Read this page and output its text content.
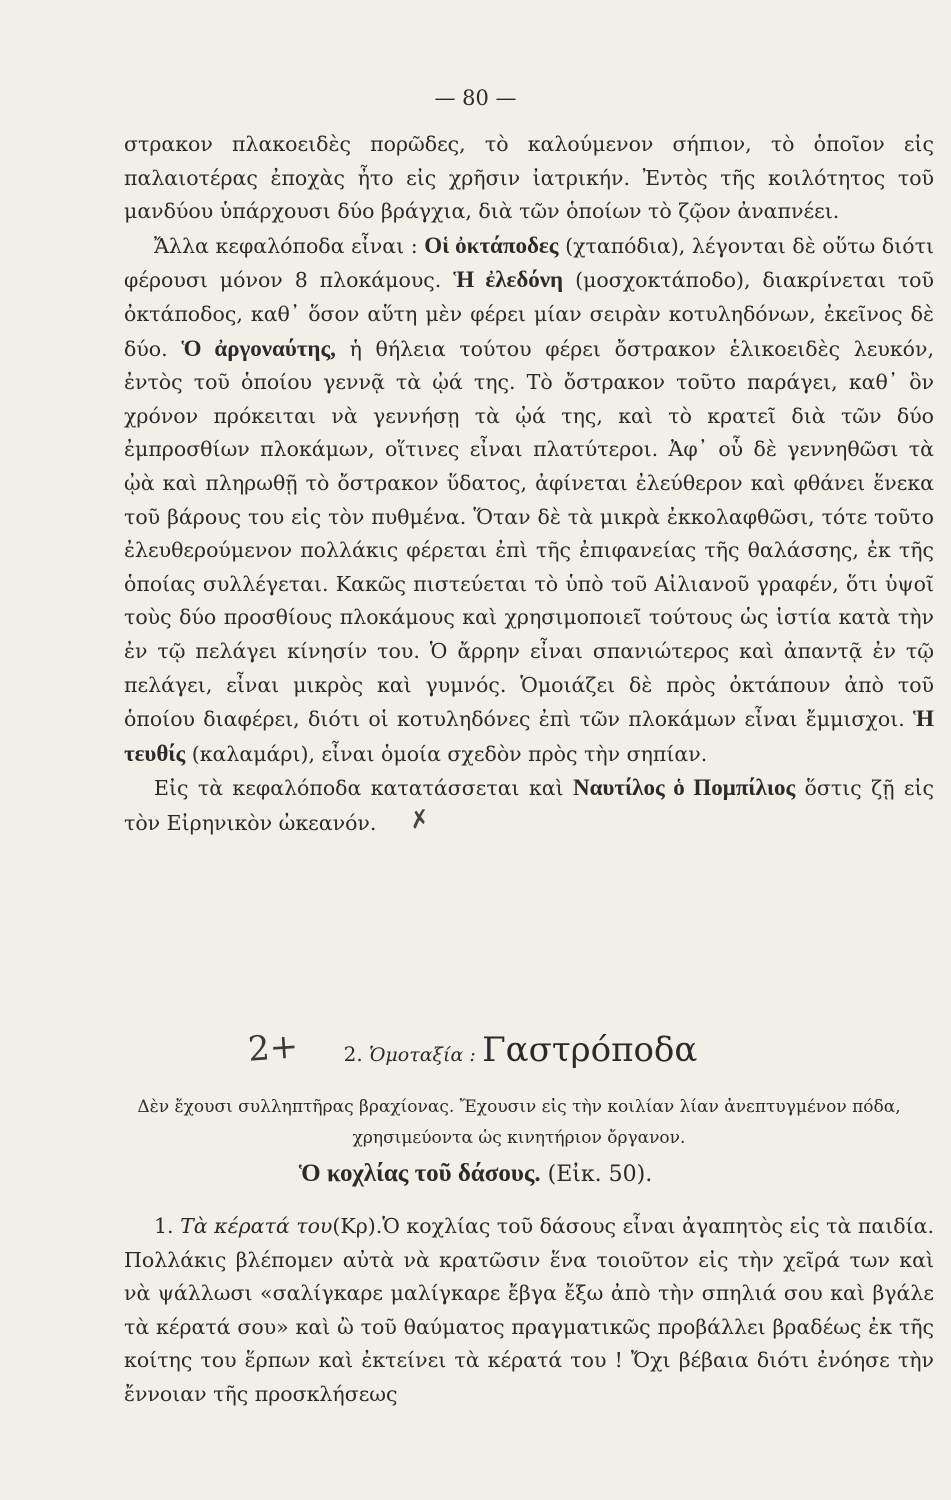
— 80 —

στρακον πλακοειδὲς πορῶδες, τὸ καλούμενον σήπιον, τὸ ὁποῖον εἰς παλαιοτέρας ἐποχὰς ἦτο εἰς χρῆσιν ἰατρικήν. Ἐντὸς τῆς κοιλότητος τοῦ μανδύου ὑπάρχουσι δύο βράγχια, διὰ τῶν ὁποίων τὸ ζῷον ἀναπνέει.

Ἄλλα κεφαλόποδα εἶναι : Οἱ ὀκτάποδες (χταπόδια), λέγονται δὲ οὕτω διότι φέρουσι μόνον 8 πλοκάμους. Ἡ ἐλεδόνη (μοσχοκτάποδο), διακρίνεται τοῦ ὀκτάποδος, καθ᾽ ὅσον αὕτη μὲν φέρει μίαν σειρὰν κοτυληδόνων, ἐκεῖνος δὲ δύο. Ὁ ἀργοναύτης, ἡ θήλεια τούτου φέρει ὄστρακον ἑλικοειδὲς λευκόν, ἐντὸς τοῦ ὁποίου γεννᾷ τὰ ᾠά της. Τὸ ὄστρακον τοῦτο παράγει, καθ᾽ ὃν χρόνον πρόκειται νὰ γεννήσῃ τὰ ᾠά της, καὶ τὸ κρατεῖ διὰ τῶν δύο ἐμπροσθίων πλοκάμων, οἵτινες εἶναι πλατύτεροι. Ἀφ᾽ οὗ δὲ γεννηθῶσι τὰ ᾠὰ καὶ πληρωθῇ τὸ ὄστρακον ὕδατος, ἀφίνεται ἐλεύθερον καὶ φθάνει ἕνεκα τοῦ βάρους του εἰς τὸν πυθμένα. Ὅταν δὲ τὰ μικρὰ ἐκκολαφθῶσι, τότε τοῦτο ἐλευθερούμενον πολλάκις φέρεται ἐπὶ τῆς ἐπιφανείας τῆς θαλάσσης, ἐκ τῆς ὁποίας συλλέγεται. Κακῶς πιστεύεται τὸ ὑπὸ τοῦ Αἰλιανοῦ γραφέν, ὅτι ὑψοῖ τοὺς δύο προσθίους πλοκάμους καὶ χρησιμοποιεῖ τούτους ὡς ἱστία κατὰ τὴν ἐν τῷ πελάγει κίνησίν του. Ὁ ἄρρην εἶναι σπανιώτερος καὶ ἀπαντᾷ ἐν τῷ πελάγει, εἶναι μικρὸς καὶ γυμνός. Ὁμοιάζει δὲ πρὸς ὀκτάπουν ἀπὸ τοῦ ὁποίου διαφέρει, διότι οἱ κοτυληδόνες ἐπὶ τῶν πλοκάμων εἶναι ἔμμισχοι. Ἡ τευθίς (καλαμάρι), εἶναι ὁμοία σχεδὸν πρὸς τὴν σηπίαν.

Εἰς τὰ κεφαλόποδα κατατάσσεται καὶ Ναυτίλος ὁ Πομπίλιος ὅστις ζῇ εἰς τὸν Εἰρηνικὸν ὠκεανόν. ✗

2+	2. Ὁμοταξία : Γαστρόποδα
Δὲν ἔχουσι συλληπτῆρας βραχίονας. Ἔχουσιν εἰς τὴν κοιλίαν λίαν ἀνεπτυγμένον πόδα, χρησιμεύοντα ὡς κινητήριον ὄργανον.
Ὁ κοχλίας τοῦ δάσους. (Εἰκ. 50).

1. Τὰ κέρατά του(Κρ).Ὁ κοχλίας τοῦ δάσους εἶναι ἀγαπητὸς εἰς τὰ παιδία. Πολλάκις βλέπομεν αὐτὰ νὰ κρατῶσιν ἕνα τοιοῦτον εἰς τὴν χεῖρά των καὶ νὰ ψάλλωσι «σαλίγκαρε μαλίγκαρε ἔβγα ἔξω ἀπὸ τὴν σπηλιά σου καὶ βγάλε τὰ κέρατά σου» καὶ ὢ τοῦ θαύματος πραγματικῶς προβάλλει βραδέως ἐκ τῆς κοίτης του ἕρπων καὶ ἐκτείνει τὰ κέρατά του ! Ὄχι βέβαια διότι ἐνόησε τὴν ἔννοιαν τῆς προσκλήσεως
